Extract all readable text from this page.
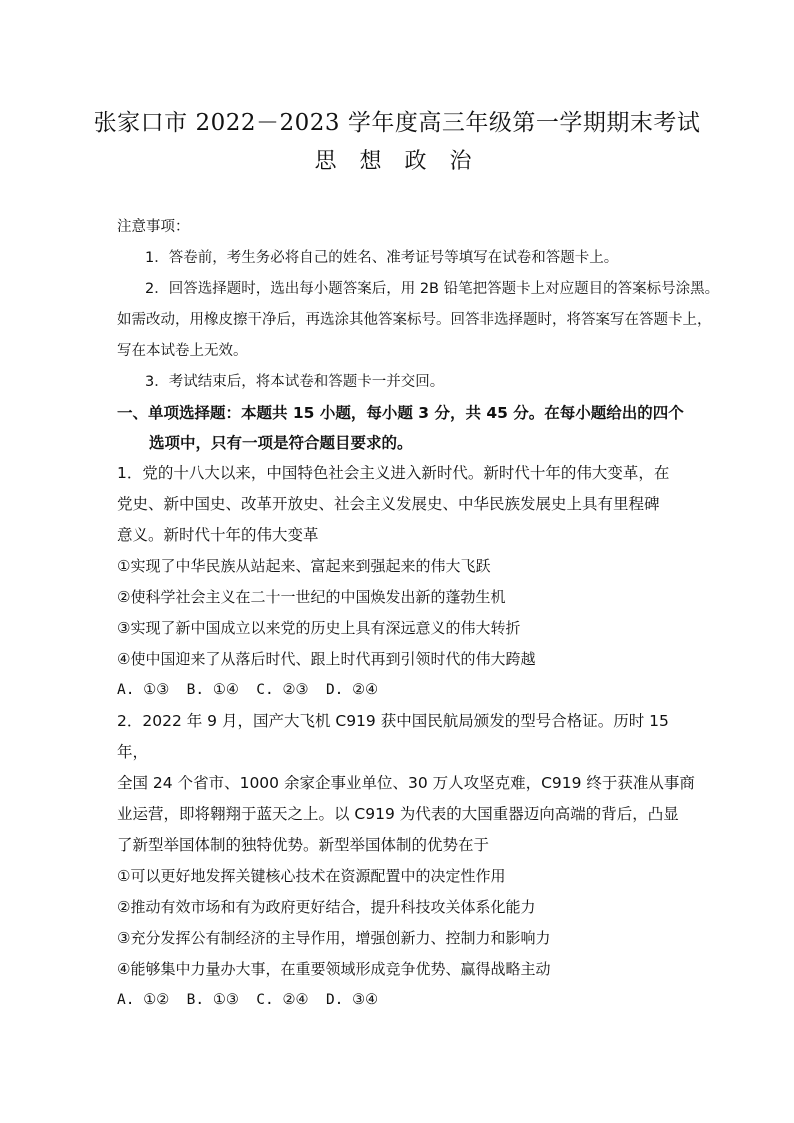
张家口市 2022－2023 学年度高三年级第一学期期末考试
思 想 政 治
注意事项：
1．答卷前，考生务必将自己的姓名、准考证号等填写在试卷和答题卡上。
2．回答选择题时，选出每小题答案后，用 2B 铅笔把答题卡上对应题目的答案标号涂黑。
如需改动，用橡皮擦干净后，再选涂其他答案标号。回答非选择题时，将答案写在答题卡上，
写在本试卷上无效。
3．考试结束后，将本试卷和答题卡一并交回。
一、单项选择题：本题共 15 小题，每小题 3 分，共 45 分。在每小题给出的四个
选项中，只有一项是符合题目要求的。
1．党的十八大以来，中国特色社会主义进入新时代。新时代十年的伟大变革，在
党史、新中国史、改革开放史、社会主义发展史、中华民族发展史上具有里程碑
意义。新时代十年的伟大变革
①实现了中华民族从站起来、富起来到强起来的伟大飞跃
②使科学社会主义在二十一世纪的中国焕发出新的蓬勃生机
③实现了新中国成立以来党的历史上具有深远意义的伟大转折
④使中国迎来了从落后时代、跟上时代再到引领时代的伟大跨越
A. ①③  B. ①④  C. ②③  D. ②④
2．2022 年 9 月，国产大飞机 C919 获中国民航局颁发的型号合格证。历时 15 年，
全国 24 个省市、1000 余家企事业单位、30 万人攻坚克难，C919 终于获准从事商
业运营，即将翱翔于蓝天之上。以 C919 为代表的大国重器迈向高端的背后，凸显
了新型举国体制的独特优势。新型举国体制的优势在于
①可以更好地发挥关键核心技术在资源配置中的决定性作用
②推动有效市场和有为政府更好结合，提升科技攻关体系化能力
③充分发挥公有制经济的主导作用，增强创新力、控制力和影响力
④能够集中力量办大事，在重要领域形成竞争优势、赢得战略主动
A. ①②  B. ①③  C. ②④  D. ③④
